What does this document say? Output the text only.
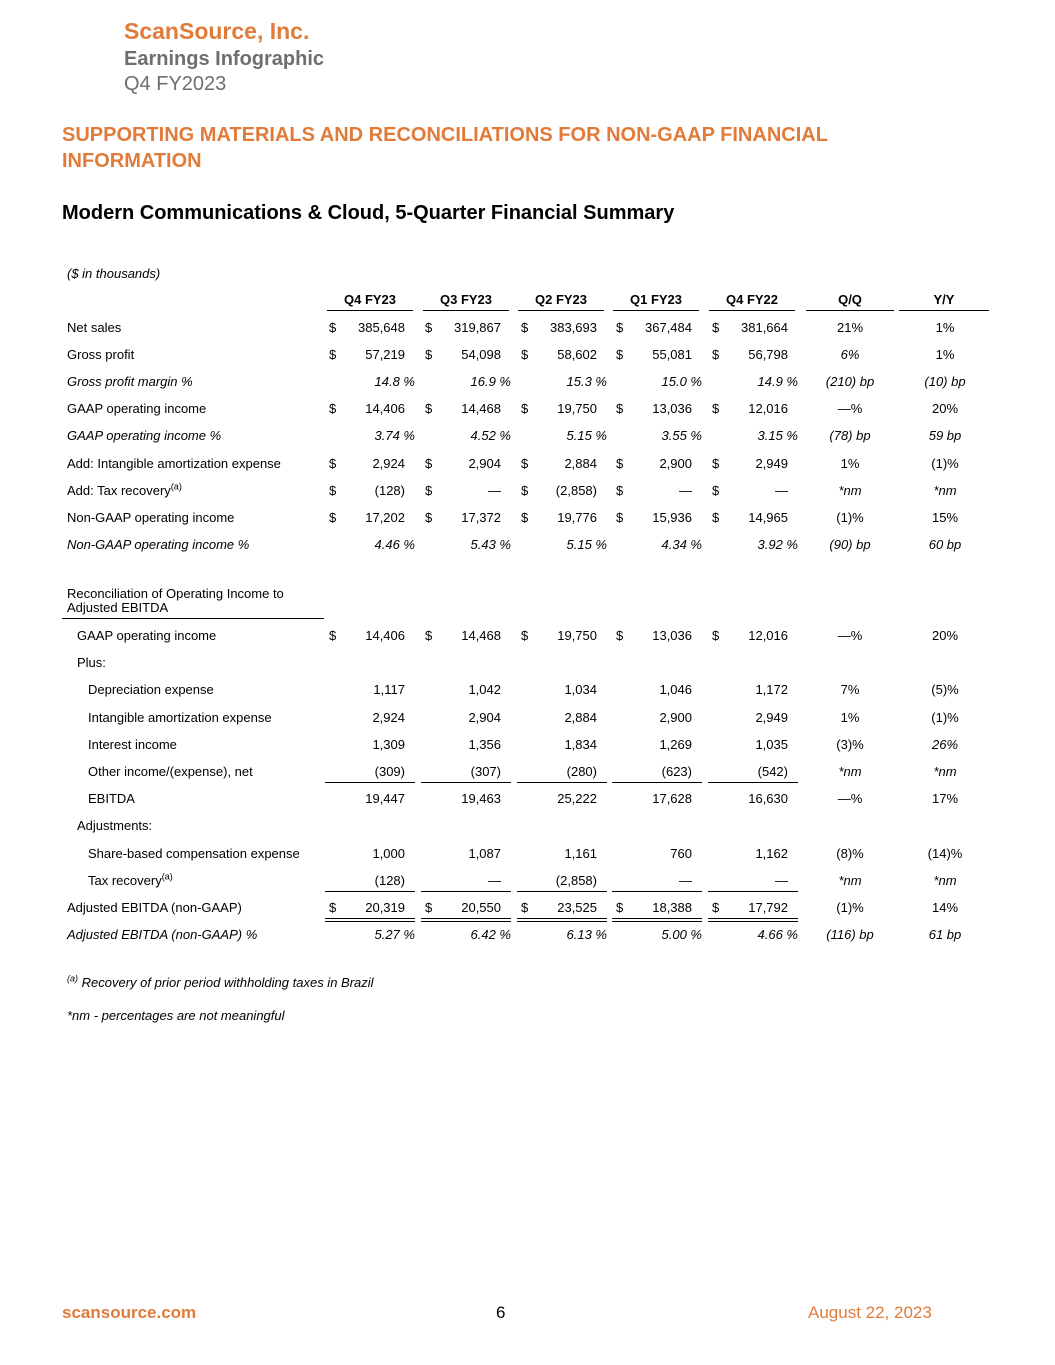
ScanSource, Inc.
Earnings Infographic
Q4 FY2023
SUPPORTING MATERIALS AND RECONCILIATIONS FOR NON-GAAP FINANCIAL INFORMATION
Modern Communications & Cloud, 5-Quarter Financial Summary
($ in thousands)
Q4 FY23	Q3 FY23	Q2 FY23	Q1 FY23	Q4 FY22	Q/Q	Y/Y
Net sales	$	385,648 $	319,867 $	383,693 $	367,484 $	381,664	21%	1%
Gross profit	$	57,219 $	54,098 $	58,602 $	55,081 $	56,798	6%	1%
Gross profit margin %	14.8 %	16.9 %	15.3 %	15.0 %	14.9 %	(210) bp	(10) bp
GAAP operating income	$	14,406 $	14,468 $	19,750 $	13,036 $	12,016	—%	20%
GAAP operating income %	3.74 %	4.52 %	5.15 %	3.55 %	3.15 %	(78) bp	59 bp
Add: Intangible amortization expense	$	2,924 $	2,904 $	2,884 $	2,900 $	2,949	1%	(1)%
Add: Tax recovery$^{(a)}$	$	(128) $	— $	(2,858) $	— $	—	*nm	*nm
Non-GAAP operating income	$	17,202 $	17,372 $	19,776 $	15,936 $	14,965	(1)%	15%
Non-GAAP operating income %	4.46 %	5.43 %	5.15 %	4.34 %	3.92 %	(90) bp	60 bp
Reconciliation of Operating Income to Adjusted EBITDA
GAAP operating income	$	14,406 $	14,468 $	19,750 $	13,036 $	12,016	—%	20%
Plus:
Depreciation expense	1,117	1,042	1,034	1,046	1,172	7%	(5)%
Intangible amortization expense	2,924	2,904	2,884	2,900	2,949	1%	(1)%
Interest income	1,309	1,356	1,834	1,269	1,035	(3)%	26%
Other income/(expense), net	(309)	(307)	(280)	(623)	(542)	*nm	*nm
EBITDA	19,447	19,463	25,222	17,628	16,630	—%	17%
Adjustments:
Share-based compensation expense	1,000	1,087	1,161	760	1,162	(8)%	(14)%
Tax recovery$^{(a)}$	(128)	—	(2,858)	—	—	*nm	*nm
Adjusted EBITDA (non-GAAP)	$	20,319 $	20,550 $	23,525 $	18,388 $	17,792	(1)%	14%
Adjusted EBITDA (non-GAAP) %	5.27 %	6.42 %	6.13 %	5.00 %	4.66 %	(116) bp	61 bp
$^{(a)}$ Recovery of prior period withholding taxes in Brazil
*nm - percentages are not meaningful
scansource.com	6	August 22, 2023
